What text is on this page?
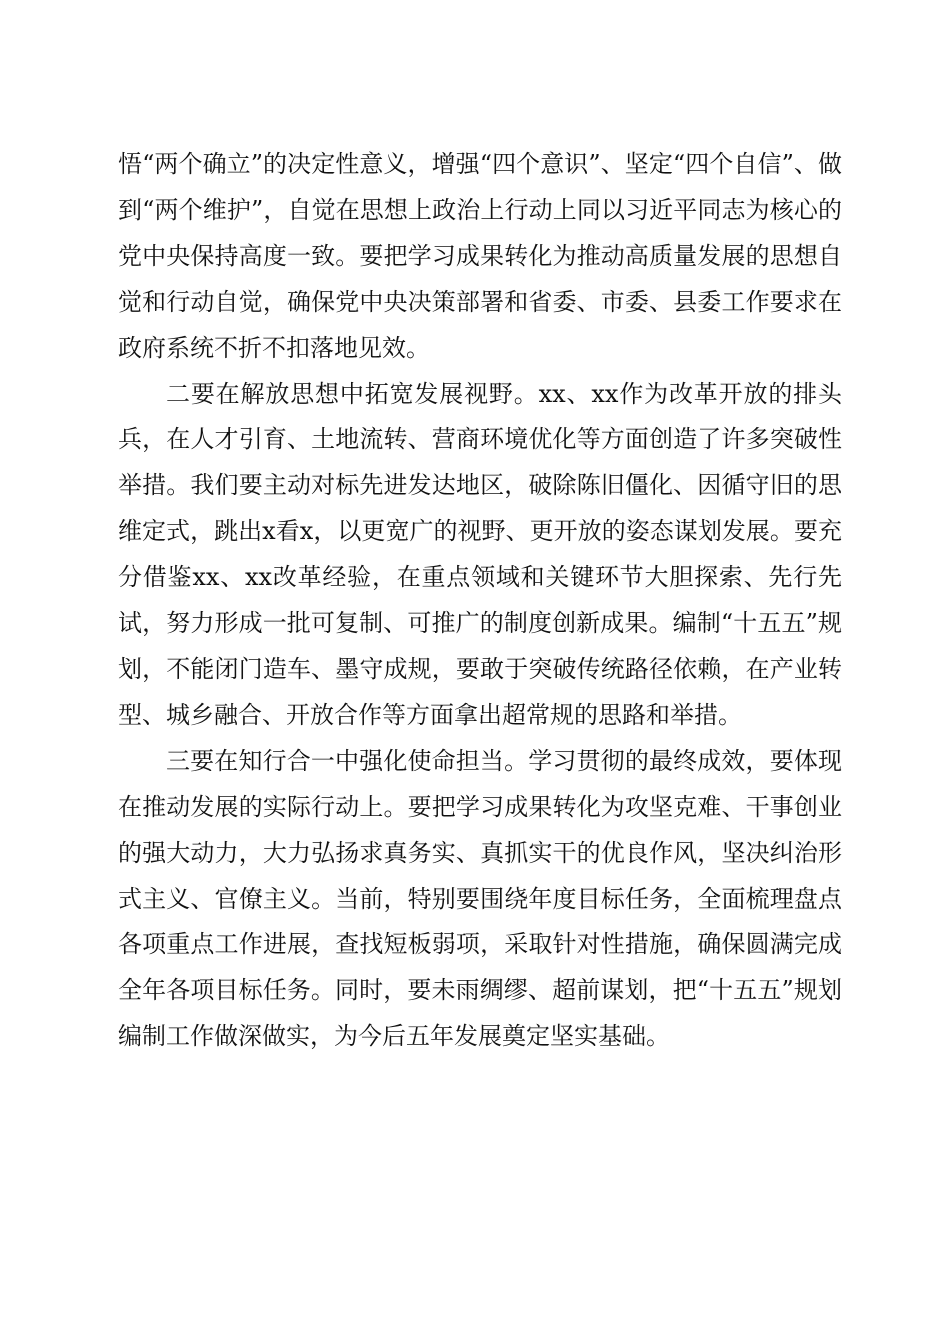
悟“两个确立”的决定性意义，增强“四个意识”、坚定“四个自信”、做到“两个维护”，自觉在思想上政治上行动上同以习近平同志为核心的党中央保持高度一致。要把学习成果转化为推动高质量发展的思想自觉和行动自觉，确保党中央决策部署和省委、市委、县委工作要求在政府系统不折不扣落地见效。

二要在解放思想中拓宽发展视野。xx、xx作为改革开放的排头兵，在人才引育、土地流转、营商环境优化等方面创造了许多突破性举措。我们要主动对标先进发达地区，破除陈旧僵化、因循守旧的思维定式，跳出x看x，以更宽广的视野、更开放的姿态谋划发展。要充分借鉴xx、xx改革经验，在重点领域和关键环节大胆探索、先行先试，努力形成一批可复制、可推广的制度创新成果。编制“十五五”规划，不能闭门造车、墨守成规，要敢于突破传统路径依赖，在产业转型、城乡融合、开放合作等方面拿出超常规的思路和举措。

三要在知行合一中强化使命担当。学习贯彻的最终成效，要体现在推动发展的实际行动上。要把学习成果转化为攻坚克难、干事创业的强大动力，大力弘扬求真务实、真抓实干的优良作风，坚决纠治形式主义、官僚主义。当前，特别要围绕年度目标任务，全面梳理盘点各项重点工作进展，查找短板弱项，采取针对性措施，确保圆满完成全年各项目标任务。同时，要未雨绸缪、超前谋划，把“十五五”规划编制工作做深做实，为今后五年发展奠定坚实基础。
